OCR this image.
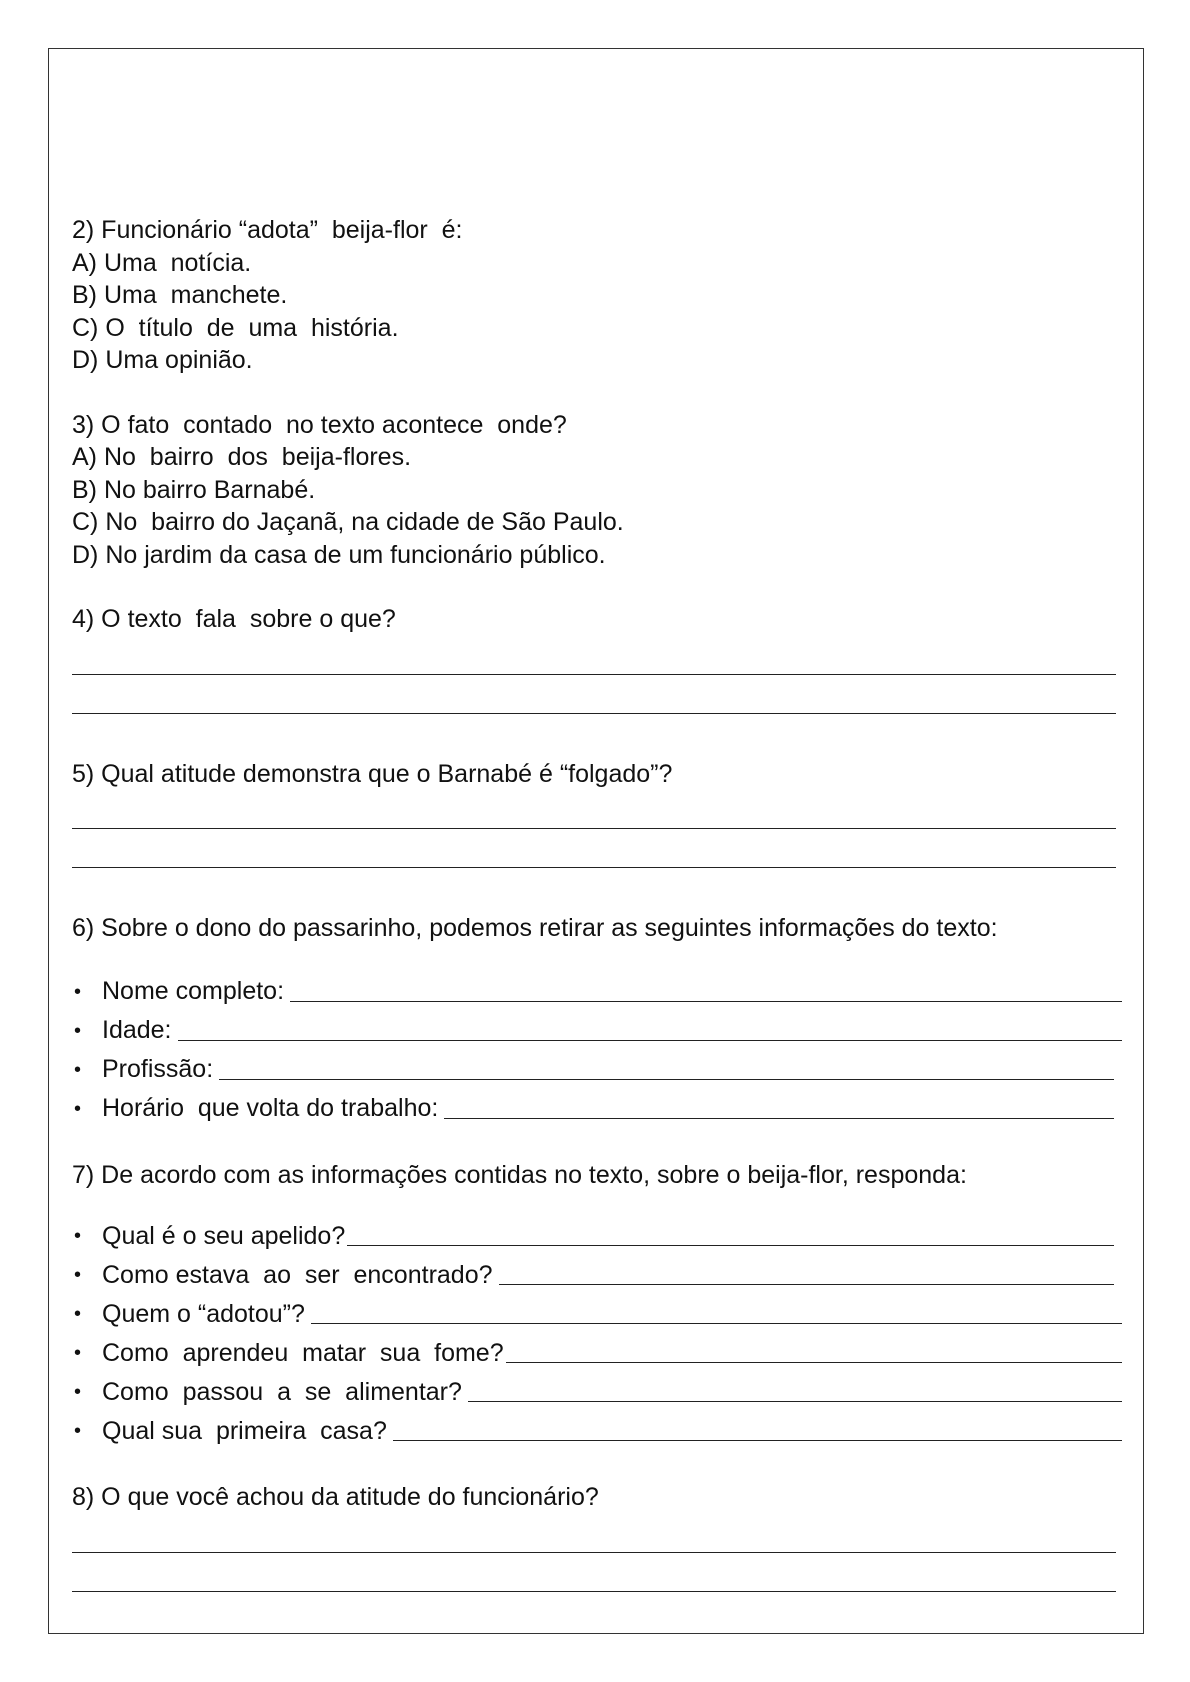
2) Funcionário “adota”  beija-flor  é:
A) Uma  notícia.
B) Uma  manchete.
C) O  título  de  uma  história.
D) Uma opinião.
3) O fato  contado  no texto acontece  onde?
A) No  bairro  dos  beija-flores.
B) No bairro Barnabé.
C) No  bairro do Jaçanã, na cidade de São Paulo.
D) No jardim da casa de um funcionário público.
4) O texto  fala  sobre o que?
5) Qual atitude demonstra que o Barnabé é “folgado”?
6) Sobre o dono do passarinho, podemos retirar as seguintes informações do texto:
• Nome completo:
• Idade:
• Profissão:
• Horário  que volta do trabalho:
7) De acordo com as informações contidas no texto, sobre o beija-flor, responda:
• Qual é o seu apelido?
• Como estava  ao  ser  encontrado?
• Quem o “adotou”?
• Como  aprendeu  matar  sua  fome?
• Como  passou  a  se  alimentar?
• Qual sua  primeira  casa?
8) O que você achou da atitude do funcionário?
